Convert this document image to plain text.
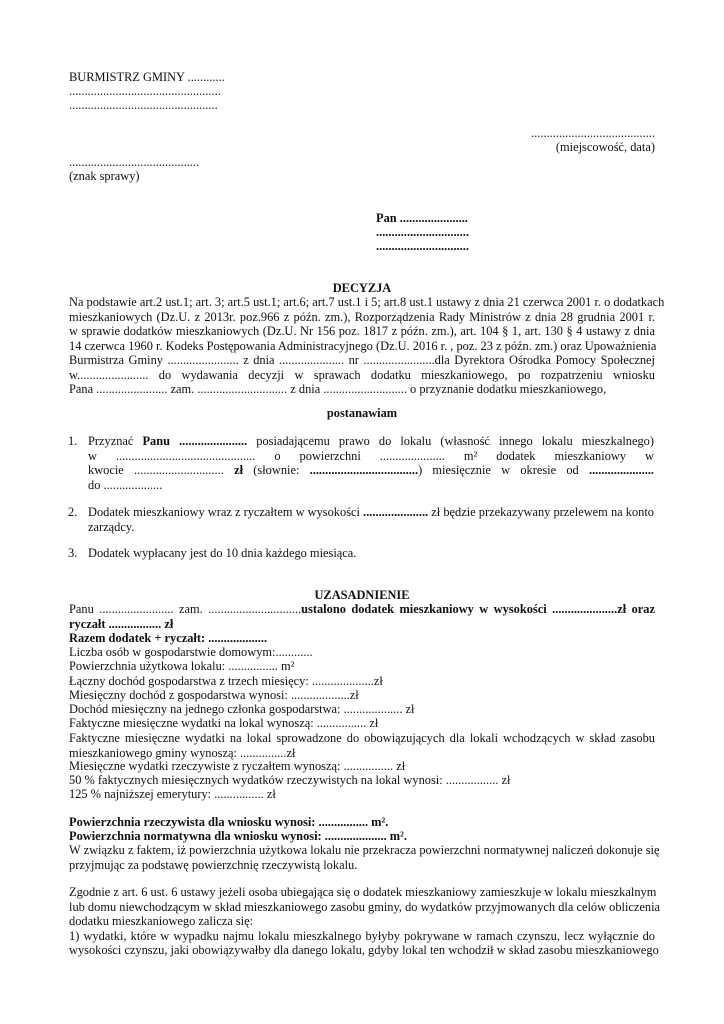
BURMISTRZ GMINY ............
.................................................
................................................
........................................
(miejscowość, data)
..........................................
(znak sprawy)
Pan ......................
..............................
..............................
DECYZJA
Na podstawie art.2 ust.1; art. 3; art.5 ust.1; art.6; art.7 ust.1 i 5; art.8 ust.1 ustawy z dnia 21 czerwca 2001 r. o dodatkach
mieszkaniowych (Dz.U. z 2013r. poz.966 z późn. zm.), Rozporządzenia Rady Ministrów z dnia 28 grudnia 2001 r.
w sprawie dodatków mieszkaniowych (Dz.U. Nr 156 poz. 1817 z późn. zm.), art. 104 § 1, art. 130 § 4 ustawy z dnia
14 czerwca 1960 r. Kodeks Postępowania Administracyjnego (Dz.U. 2016 r. , poz. 23 z późn. zm.) oraz Upoważnienia
Burmistrza Gminy ....................... z dnia ..................... nr .......................dla Dyrektora Ośrodka Pomocy Społecznej
w....................... do wydawania decyzji w sprawach dodatku mieszkaniowego, po rozpatrzeniu wniosku
Pana ....................... zam. ............................. z dnia ........................... o przyznanie dodatku mieszkaniowego,
postanawiam
1. Przyznać Panu ...................... posiadającemu prawo do lokalu (własność innego lokalu mieszkalnego)
w ............................................. o powierzchni ..................... m² dodatek mieszkaniowy w
kwocie ............................. zł (słownie: ...................................) miesięcznie w okresie od .....................
do ...................
2. Dodatek mieszkaniowy wraz z ryczałtem w wysokości ..................... zł będzie przekazywany przelewem na konto
zarządcy.
3. Dodatek wypłacany jest do 10 dnia każdego miesiąca.
UZASADNIENIE
Panu ........................ zam. ..............................ustalono dodatek mieszkaniowy w wysokości .....................zł oraz
ryczałt ................. zł
Razem dodatek + ryczałt: ...................
Liczba osób w gospodarstwie domowym:............
Powierzchnia użytkowa lokalu: ................ m²
Łączny dochód gospodarstwa z trzech miesięcy: ....................zł
Miesięczny dochód z gospodarstwa wynosi: ...................zł
Dochód miesięczny na jednego członka gospodarstwa: ................... zł
Faktyczne miesięczne wydatki na lokal wynoszą: ................ zł
Faktyczne miesięczne wydatki na lokal sprowadzone do obowiązujących dla lokali wchodzących w skład zasobu
mieszkaniowego gminy wynoszą: ...............zł
Miesięczne wydatki rzeczywiste z ryczałtem wynoszą: ................ zł
50 % faktycznych miesięcznych wydatków rzeczywistych na lokal wynosi: ................. zł
125 % najniższej emerytury: ................ zł
Powierzchnia rzeczywista dla wniosku wynosi: ................ m².
Powierzchnia normatywna dla wniosku wynosi: .................... m².
W związku z faktem, iż powierzchnia użytkowa lokalu nie przekracza powierzchni normatywnej naliczeń dokonuje się
przyjmując za podstawę powierzchnię rzeczywistą lokalu.
Zgodnie z art. 6 ust. 6 ustawy jeżeli osoba ubiegająca się o dodatek mieszkaniowy zamieszkuje w lokalu mieszkalnym
lub domu niewchodzącym w skład mieszkaniowego zasobu gminy, do wydatków przyjmowanych dla celów obliczenia
dodatku mieszkaniowego zalicza się:
1) wydatki, które w wypadku najmu lokalu mieszkalnego byłyby pokrywane w ramach czynszu, lecz wyłącznie do
wysokości czynszu, jaki obowiązywałby dla danego lokalu, gdyby lokal ten wchodził w skład zasobu mieszkaniowego
